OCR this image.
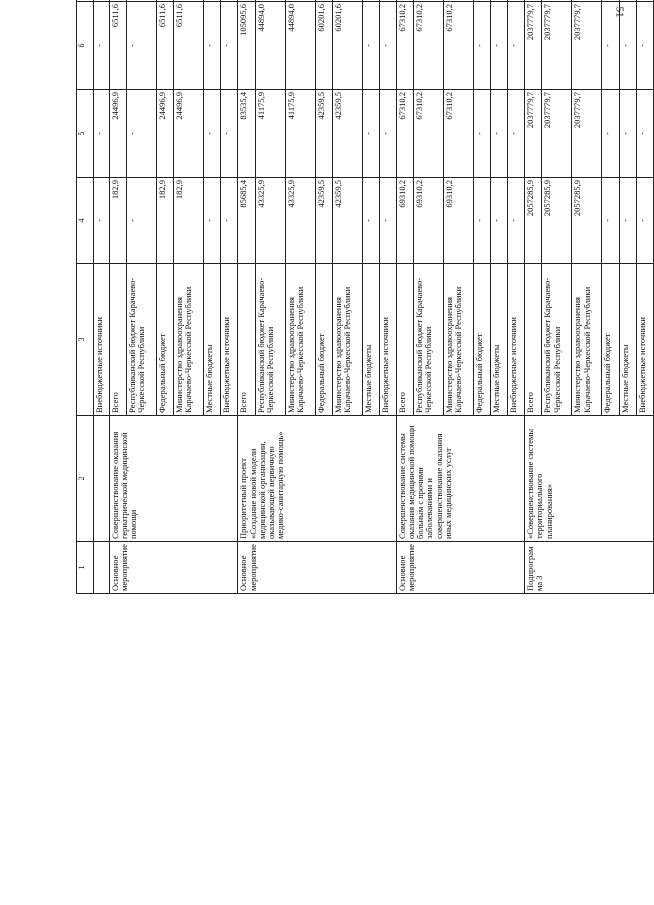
51
1	2	3	4	5	6			
		Внебюджетные источники	-	-	-			
Основное мероприятие	Совершенствование оказания гериатрической медицинской помощи	Всего	182,9	24496,9	6511,6			
		Республиканский бюджет Карачаево-Черкесской Республики	-	-	-			
		Федеральный бюджет	182,9	24496,9	6511,6			
		Министерство здравоохранения Карачаево-Черкесской Республики	182,9	24496,9	6511,6			
		Местные бюджеты	-	-	-			
		Внебюджетные источники	-	-	-			
Основное мероприятие	Приоритетный проект «Создание новой модели медицинской организации, оказывающей первичную медико-санитарную помощь»	Всего	85685,4	83535,4	105095,6			
		Республиканский бюджет Карачаево-Черкесской Республики	43325,9	41175,9	44894,0			
		Министерство здравоохранения Карачаево-Черкесской Республики	43325,9	41175,9	44894,0			
		Федеральный бюджет	42359,5	42359,5	60201,6			
		Министерство здравоохранения Карачаево-Черкесской Республики	42359,5	42359,5	60201,6			
		Местные бюджеты	-	-	-			
		Внебюджетные источники	-	-	-			
Основное мероприятие	Совершенствование системы оказания медицинской помощи больным с прочими заболеваниями и совершенствование оказания иных медицинских услуг	Всего	69310,2	67310,2	67310,2			
		Республиканский бюджет Карачаево-Черкесской Республики	69310,2	67310,2	67310,2			
		Министерство здравоохранения Карачаево-Черкесской Республики	69310,2	67310,2	67310,2			
		Федеральный бюджет	-	-	-			
		Местные бюджеты	-	-	-			
		Внебюджетные источники	-	-	-			
Подпрограмма 3	«Совершенствование системы территориального планирования»	Всего	2057285,9	2037779,7	2037779,7			
		Республиканский бюджет Карачаево-Черкесской Республики	2057285,9	2037779,7	2037779,7			
		Министерство здравоохранения Карачаево-Черкесской Республики	2057285,9	2037779,7	2037779,7			
		Федеральный бюджет	-	-	-			
		Местные бюджеты	-	-	-			
		Внебюджетные источники	-	-	-			
